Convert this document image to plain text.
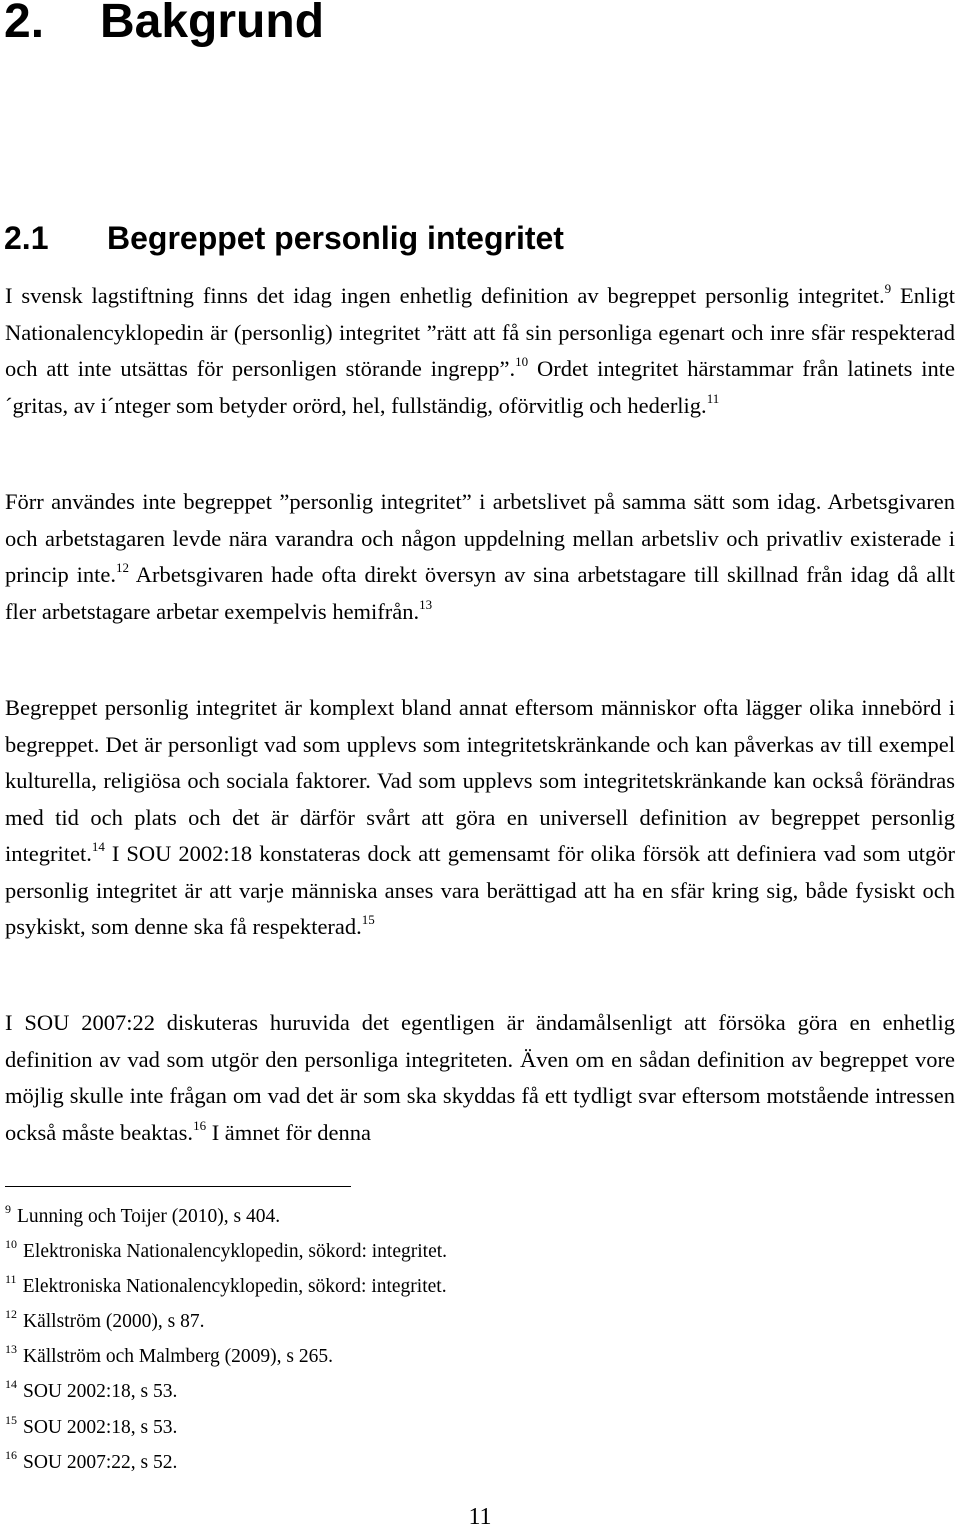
2. Bakgrund
2.1 Begreppet personlig integritet

I svensk lagstiftning finns det idag ingen enhetlig definition av begreppet personlig integritet.$^9$ Enligt Nationalencyklopedin är (personlig) integritet ”rätt att få sin personliga egenart och inre sfär respekterad och att inte utsättas för personligen störande ingrepp”.$^{10}$ Ordet integritet härstammar från latinets inte´gritas, av i´nteger som betyder orörd, hel, fullständig, oförvitlig och hederlig.$^{11}$

Förr användes inte begreppet ”personlig integritet” i arbetslivet på samma sätt som idag. Arbetsgivaren och arbetstagaren levde nära varandra och någon uppdelning mellan arbetsliv och privatliv existerade i princip inte.$^{12}$ Arbetsgivaren hade ofta direkt översyn av sina arbetstagare till skillnad från idag då allt fler arbetstagare arbetar exempelvis hemifrån.$^{13}$

Begreppet personlig integritet är komplext bland annat eftersom människor ofta lägger olika innebörd i begreppet. Det är personligt vad som upplevs som integritetskränkande och kan påverkas av till exempel kulturella, religiösa och sociala faktorer. Vad som upplevs som integritetskränkande kan också förändras med tid och plats och det är därför svårt att göra en universell definition av begreppet personlig integritet.$^{14}$ I SOU 2002:18 konstateras dock att gemensamt för olika försök att definiera vad som utgör personlig integritet är att varje människa anses vara berättigad att ha en sfär kring sig, både fysiskt och psykiskt, som denne ska få respekterad.$^{15}$

I SOU 2007:22 diskuteras huruvida det egentligen är ändamålsenligt att försöka göra en enhetlig definition av vad som utgör den personliga integriteten. Även om en sådan definition av begreppet vore möjlig skulle inte frågan om vad det är som ska skyddas få ett tydligt svar eftersom motstående intressen också måste beaktas.$^{16}$ I ämnet för denna

$^9$ Lunning och Toijer (2010), s 404.
$^{10}$ Elektroniska Nationalencyklopedin, sökord: integritet.
$^{11}$ Elektroniska Nationalencyklopedin, sökord: integritet.
$^{12}$ Källström (2000), s 87.
$^{13}$ Källström och Malmberg (2009), s 265.
$^{14}$ SOU 2002:18, s 53.
$^{15}$ SOU 2002:18, s 53.
$^{16}$ SOU 2007:22, s 52.
11
